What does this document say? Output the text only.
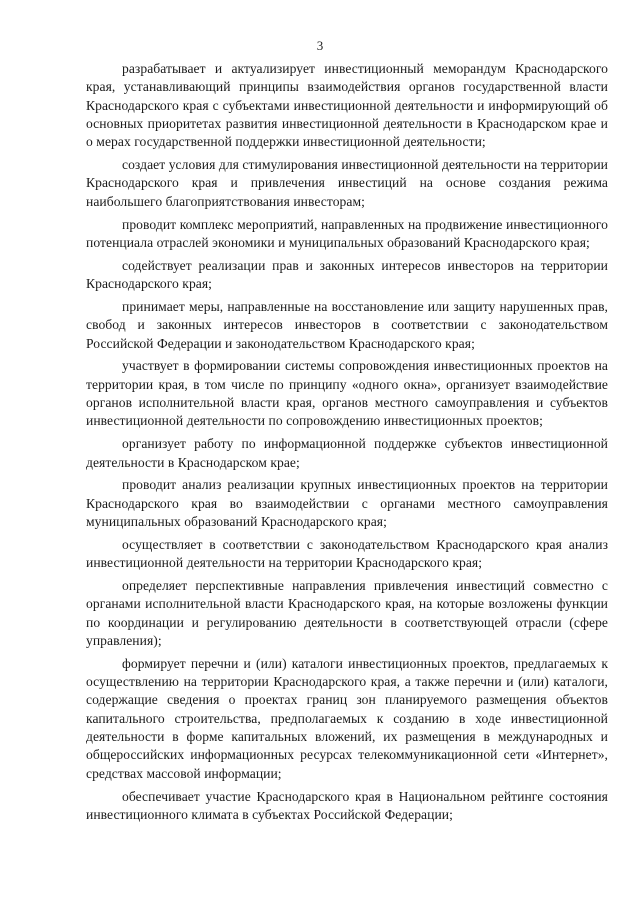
3

разрабатывает и актуализирует инвестиционный меморандум Краснодарского края, устанавливающий принципы взаимодействия органов государственной власти Краснодарского края с субъектами инвестиционной деятельности и информирующий об основных приоритетах развития инвестиционной деятельности в Краснодарском крае и о мерах государственной поддержки инвестиционной деятельности;

создает условия для стимулирования инвестиционной деятельности на территории Краснодарского края и привлечения инвестиций на основе создания режима наибольшего благоприятствования инвесторам;

проводит комплекс мероприятий, направленных на продвижение инвестиционного потенциала отраслей экономики и муниципальных образований Краснодарского края;

содействует реализации прав и законных интересов инвесторов на территории Краснодарского края;

принимает меры, направленные на восстановление или защиту нарушенных прав, свобод и законных интересов инвесторов в соответствии с законодательством Российской Федерации и законодательством Краснодарского края;

участвует в формировании системы сопровождения инвестиционных проектов на территории края, в том числе по принципу «одного окна», организует взаимодействие органов исполнительной власти края, органов местного самоуправления и субъектов инвестиционной деятельности по сопровождению инвестиционных проектов;

организует работу по информационной поддержке субъектов инвестиционной деятельности в Краснодарском крае;

проводит анализ реализации крупных инвестиционных проектов на территории Краснодарского края во взаимодействии с органами местного самоуправления муниципальных образований Краснодарского края;

осуществляет в соответствии с законодательством Краснодарского края анализ инвестиционной деятельности на территории Краснодарского края;

определяет перспективные направления привлечения инвестиций совместно с органами исполнительной власти Краснодарского края, на которые возложены функции по координации и регулированию деятельности в соответствующей отрасли (сфере управления);

формирует перечни и (или) каталоги инвестиционных проектов, предлагаемых к осуществлению на территории Краснодарского края, а также перечни и (или) каталоги, содержащие сведения о проектах границ зон планируемого размещения объектов капитального строительства, предполагаемых к созданию в ходе инвестиционной деятельности в форме капитальных вложений, их размещения в международных и общероссийских информационных ресурсах телекоммуникационной сети «Интернет», средствах массовой информации;

обеспечивает участие Краснодарского края в Национальном рейтинге состояния инвестиционного климата в субъектах Российской Федерации;
